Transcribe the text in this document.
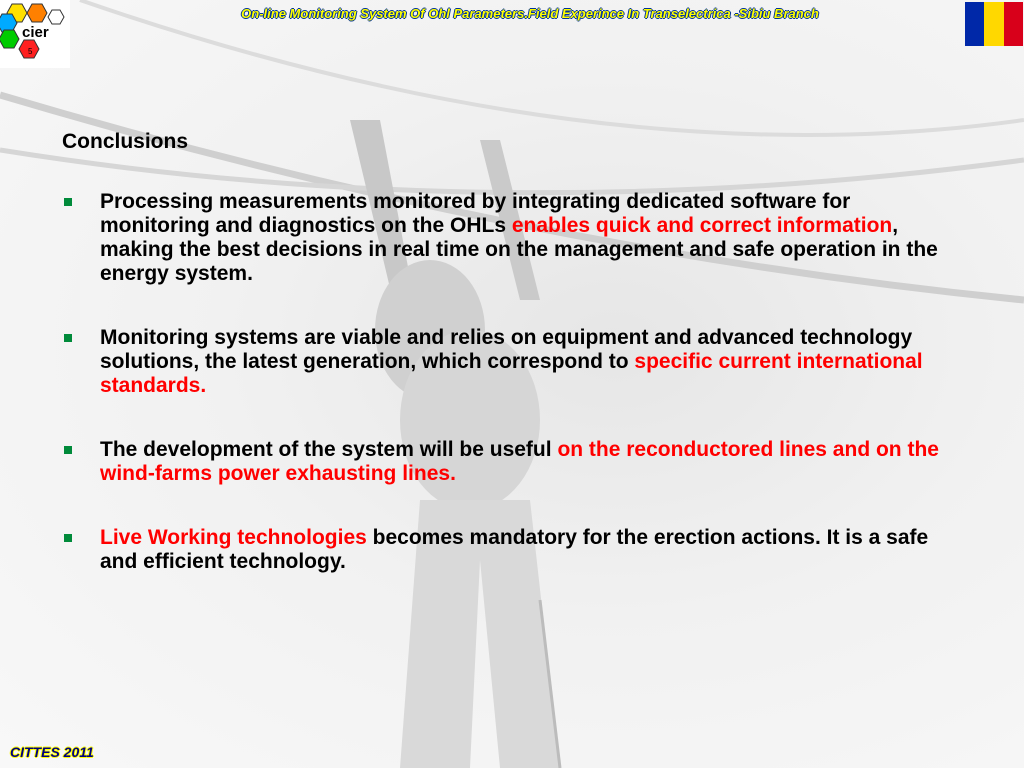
cier
5
On-line Monitoring System Of Ohl Parameters.Field Experince In Transelectrica -Sibiu Branch
Conclusions
Processing measurements monitored by integrating dedicated software for monitoring and diagnostics on the OHLs enables quick and correct information, making the best decisions in real time on the management and safe operation in the energy system.
Monitoring systems are viable and relies on equipment and advanced technology solutions, the latest generation, which correspond to specific current international standards.
The development of the system will be useful on the reconductored lines and on the wind-farms power exhausting lines.
Live Working technologies becomes mandatory for the erection actions. It is a safe and efficient technology.
CITTES 2011
